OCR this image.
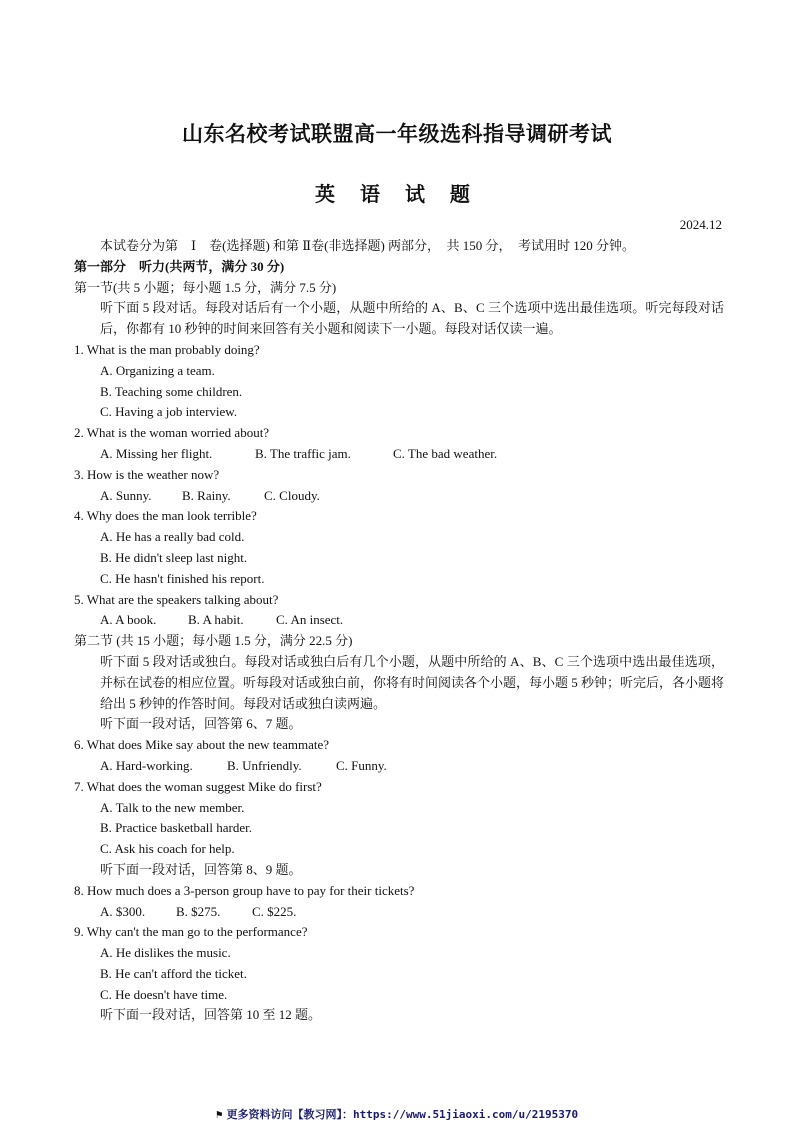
山东名校考试联盟高一年级选科指导调研考试
英 语 试 题
2024.12
本试卷分为第　Ⅰ　卷(选择题) 和第 Ⅱ卷(非选择题) 两部分，　共 150 分，　考试用时 120 分钟。
第一部分　听力(共两节，满分 30 分)
第一节(共 5 小题；每小题 1.5 分，满分 7.5 分)
听下面 5 段对话。每段对话后有一个小题，从题中所给的 A、B、C 三个选项中选出最佳选项。听完每段对话后，你都有 10 秒钟的时间来回答有关小题和阅读下一小题。每段对话仅读一遍。
1. What is the man probably doing?
A. Organizing a team.
B. Teaching some children.
C. Having a job interview.
2. What is the woman worried about?
A. Missing her flight.	B. The traffic jam.	C. The bad weather.
3. How is the weather now?
A. Sunny. B. Rainy.	C. Cloudy.
4. Why does the man look terrible?
A. He has a really bad cold.
B. He didn't sleep last night.
C. He hasn't finished his report.
5. What are the speakers talking about?
A. A book. B. A habit. C. An insect.
第二节 (共 15 小题；每小题 1.5 分，满分 22.5 分)
听下面 5 段对话或独白。每段对话或独白后有几个小题，从题中所给的 A、B、C 三个选项中选出最佳选项，并标在试卷的相应位置。听每段对话或独白前，你将有时间阅读各个小题，每小题 5 秒钟；听完后，各小题将给出 5 秒钟的作答时间。每段对话或独白读两遍。
听下面一段对话，回答第 6、7 题。
6. What does Mike say about the new teammate?
A. Hard-working.	B. Unfriendly.	C. Funny.
7. What does the woman suggest Mike do first?
A. Talk to the new member.
B. Practice basketball harder.
C. Ask his coach for help.
听下面一段对话，回答第 8、9 题。
8. How much does a 3-person group have to pay for their tickets?
A. $300. B. $275. C. $225.
9. Why can't the man go to the performance?
A. He dislikes the music.
B. He can't afford the ticket.
C. He doesn't have time.
听下面一段对话，回答第 10 至 12 题。
⚑ 更多资料访问【教习网】：https://www.51jiaoxi.com/u/2195370
